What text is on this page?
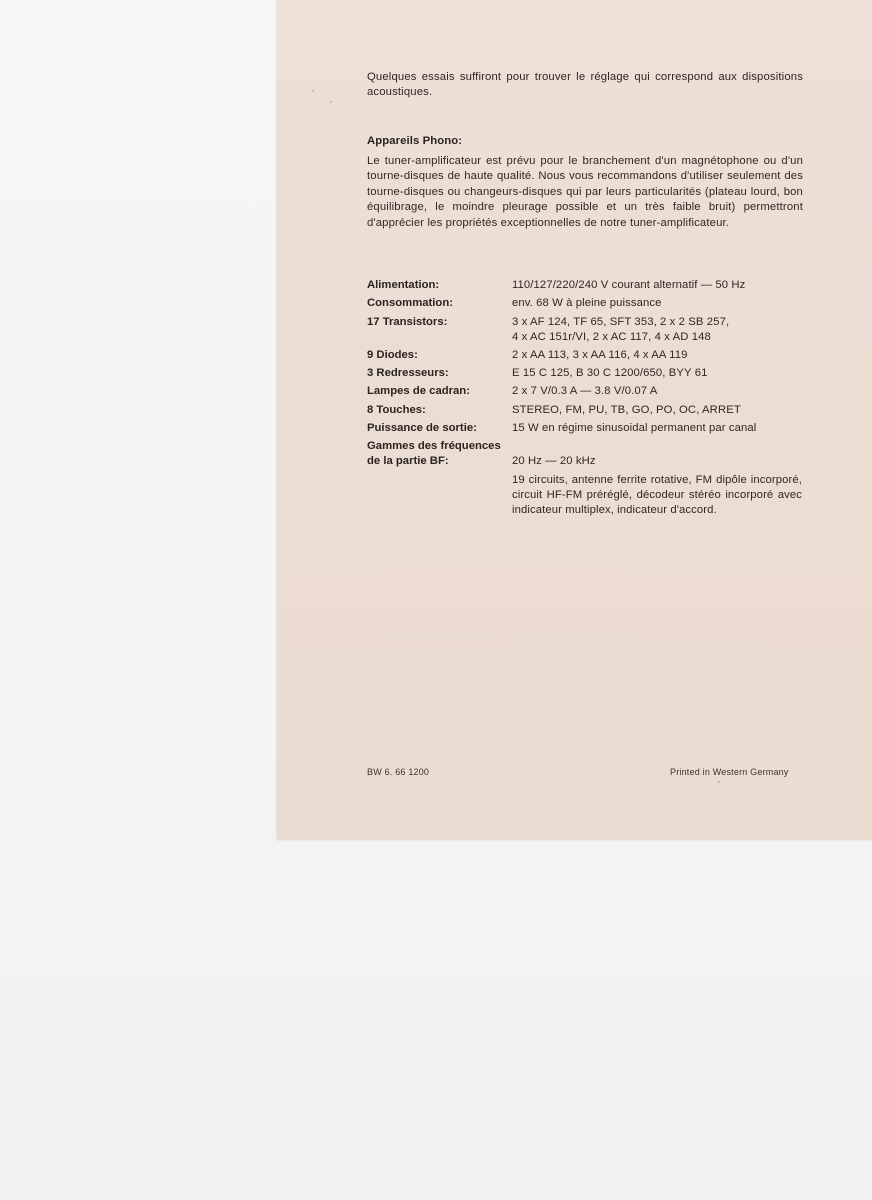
Quelques essais suffiront pour trouver le réglage qui correspond aux dispositions acoustiques.
Appareils Phono:
Le tuner-amplificateur est prévu pour le branchement d'un magnétophone ou d'un tourne-disques de haute qualité. Nous vous recommandons d'utiliser seulement des tourne-disques ou changeurs-disques qui par leurs particularités (plateau lourd, bon équilibrage, le moindre pleurage possible et un très faible bruit) permettront d'apprécier les propriétés exceptionnelles de notre tuner-amplificateur.
Alimentation:	110/127/220/240 V courant alternatif — 50 Hz
Consommation:	env. 68 W à pleine puissance
17 Transistors:	3 x AF 124, TF 65, SFT 353, 2 x 2 SB 257,
4 x AC 151r/VI, 2 x AC 117, 4 x AD 148
9 Diodes:	2 x AA 113, 3 x AA 116, 4 x AA 119
3 Redresseurs:	E 15 C 125, B 30 C 1200/650, BYY 61
Lampes de cadran:	2 x 7 V/0.3 A — 3.8 V/0.07 A
8 Touches:	STEREO, FM, PU, TB, GO, PO, OC, ARRET
Puissance de sortie:	15 W en régime sinusoidal permanent par canal
Gammes des fréquences
de la partie BF:	20 Hz — 20 kHz
19 circuits, antenne ferrite rotative, FM dipôle incorporé, circuit HF-FM préréglé, décodeur stéréo incorporé avec indicateur multiplex, indicateur d'accord.
BW 6. 66 1200	Printed in Western Germany
